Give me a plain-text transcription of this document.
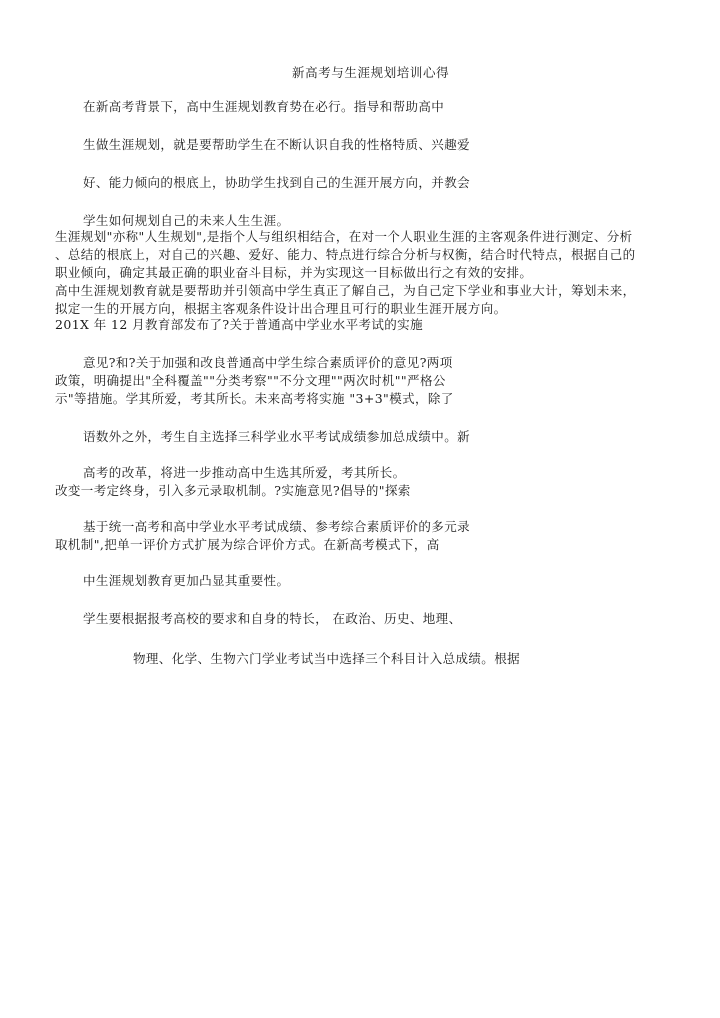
新高考与生涯规划培训心得
在新高考背景下，高中生涯规划教育势在必行。指导和帮助高中
生做生涯规划，就是要帮助学生在不断认识自我的性格特质、兴趣爱
好、能力倾向的根底上，协助学生找到自己的生涯开展方向，并教会
学生如何规划自己的未来人生生涯。
生涯规划"亦称"人生规划",是指个人与组织相结合，在对一个人职业生涯的主客观条件进行测定、分析
、总结的根底上，对自己的兴趣、爱好、能力、特点进行综合分析与权衡，结合时代特点，根据自己的
职业倾向，确定其最正确的职业奋斗目标，并为实现这一目标做出行之有效的安排。
高中生涯规划教育就是要帮助并引领高中学生真正了解自己，为自己定下学业和事业大计，筹划未来，
拟定一生的开展方向，根据主客观条件设计出合理且可行的职业生涯开展方向。
201X 年 12 月教育部发布了?关于普通高中学业水平考试的实施
意见?和?关于加强和改良普通高中学生综合素质评价的意见?两项
政策，明确提出"全科覆盖""分类考察""不分文理""两次时机""严格公
示"等措施。学其所爱，考其所长。未来高考将实施 "3+3"模式，除了
语数外之外，考生自主选择三科学业水平考试成绩参加总成绩中。新
高考的改革，将进一步推动高中生选其所爱，考其所长。
改变一考定终身，引入多元录取机制。?实施意见?倡导的"探索
基于统一高考和高中学业水平考试成绩、参考综合素质评价的多元录
取机制",把单一评价方式扩展为综合评价方式。在新高考模式下，高
中生涯规划教育更加凸显其重要性。
学生要根据报考高校的要求和自身的特长， 在政治、历史、地理、
物理、化学、生物六门学业考试当中选择三个科目计入总成绩。根据
